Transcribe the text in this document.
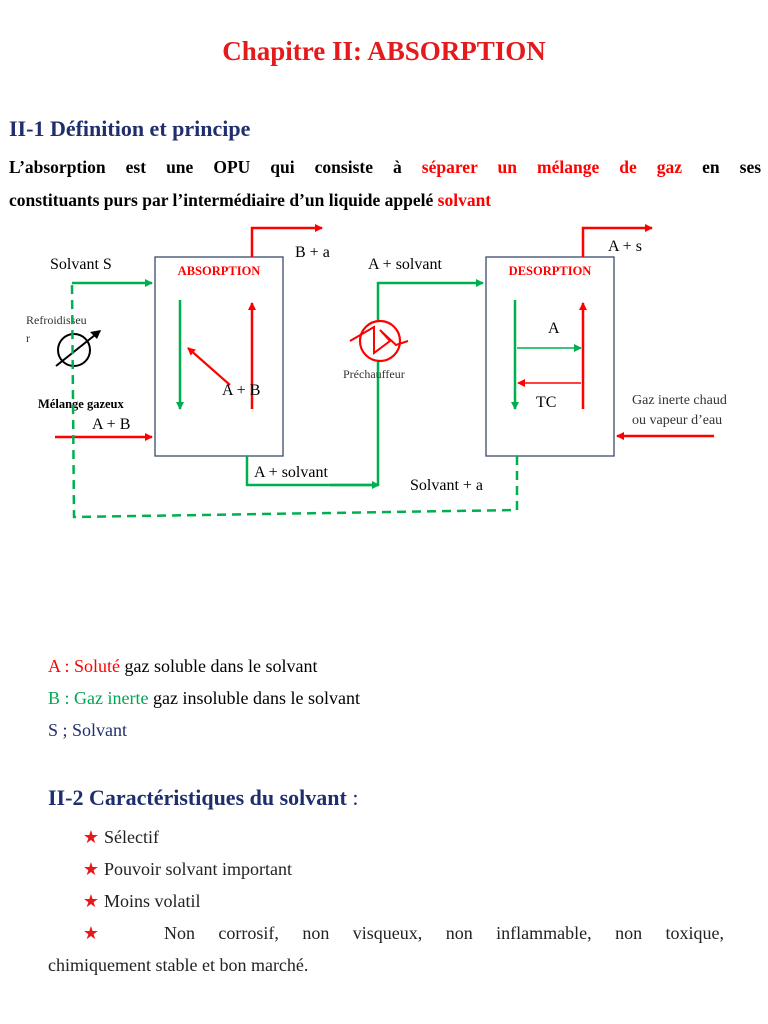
Chapitre II: ABSORPTION
II-1 Définition et principe
L’absorption est une OPU qui consiste à séparer un mélange de gaz en ses
constituants purs par l’intermédiaire d’un liquide appelé solvant
ABSORPTION	DESORPTION
B + a	A + s
Solvant S
Refroidisseu
r
Mélange gazeux
A + B
A + B
A + solvant
Préchauffeur
A + solvant
A
TC	Gaz inerte chaud
ou vapeur d’eau
Solvant + a
A : Soluté gaz soluble dans le solvant
B : Gaz inerte gaz insoluble dans le solvant
S ; Solvant
II-2 Caractéristiques du solvant :
★ Sélectif
★ Pouvoir solvant important
★ Moins volatil
★	Non corrosif, non visqueux, non inflammable, non toxique,
chimiquement stable et bon marché.
